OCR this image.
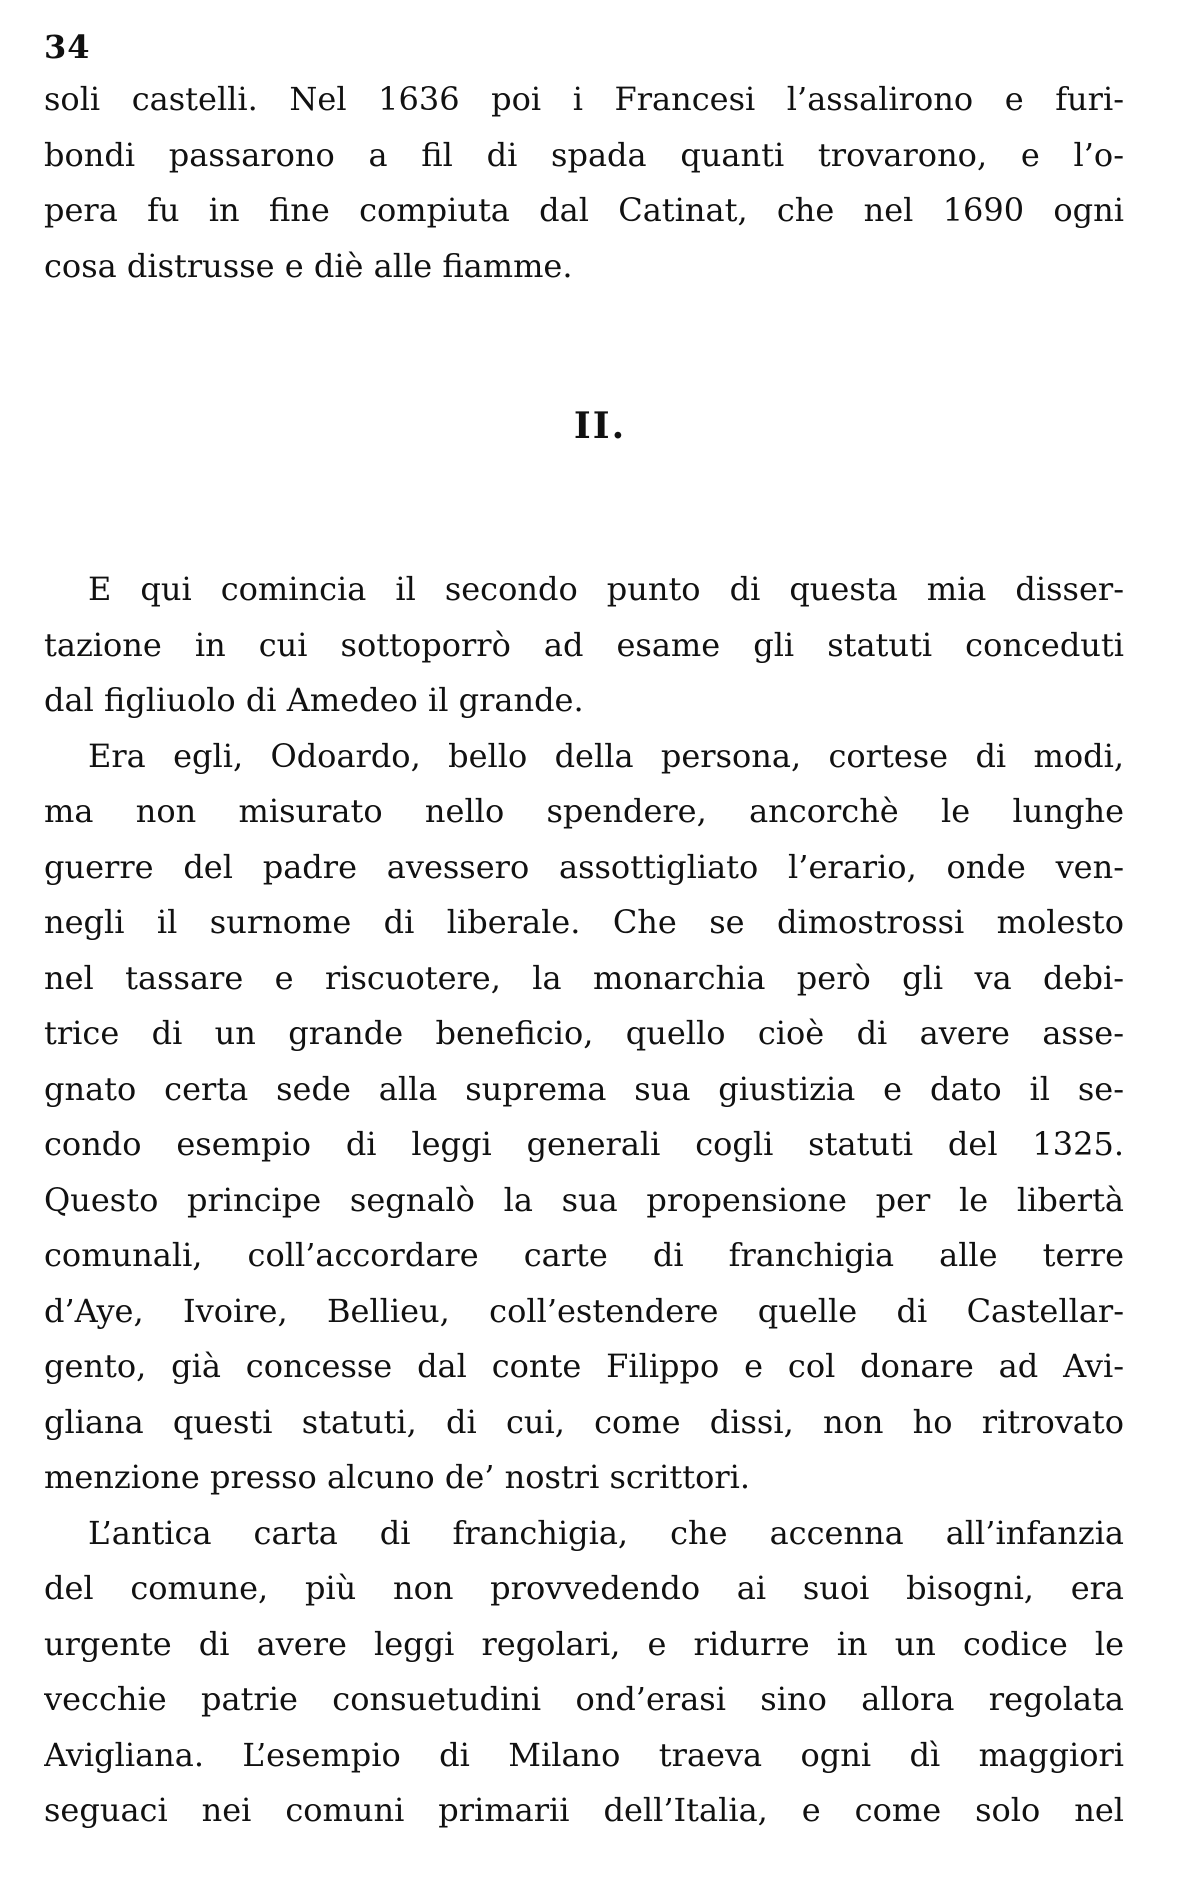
34
soli castelli. Nel 1636 poi i Francesi l’assalirono e furi-
bondi passarono a fil di spada quanti trovarono, e l’o-
pera fu in fine compiuta dal Catinat, che nel 1690 ogni
cosa distrusse e diè alle fiamme.
II.
E qui comincia il secondo punto di questa mia disser-
tazione in cui sottoporrò ad esame gli statuti conceduti
dal figliuolo di Amedeo il grande.
Era egli, Odoardo, bello della persona, cortese di modi,
ma non misurato nello spendere, ancorchè le lunghe
guerre del padre avessero assottigliato l’erario, onde ven-
negli il surnome di liberale. Che se dimostrossi molesto
nel tassare e riscuotere, la monarchia però gli va debi-
trice di un grande beneficio, quello cioè di avere asse-
gnato certa sede alla suprema sua giustizia e dato il se-
condo esempio di leggi generali cogli statuti del 1325.
Questo principe segnalò la sua propensione per le libertà
comunali, coll’accordare carte di franchigia alle terre
d’Aye, Ivoire, Bellieu, coll’estendere quelle di Castellar-
gento, già concesse dal conte Filippo e col donare ad Avi-
gliana questi statuti, di cui, come dissi, non ho ritrovato
menzione presso alcuno de’ nostri scrittori.
L’antica carta di franchigia, che accenna all’infanzia
del comune, più non provvedendo ai suoi bisogni, era
urgente di avere leggi regolari, e ridurre in un codice le
vecchie patrie consuetudini ond’erasi sino allora regolata
Avigliana. L’esempio di Milano traeva ogni dì maggiori
seguaci nei comuni primarii dell’Italia, e come solo nel
